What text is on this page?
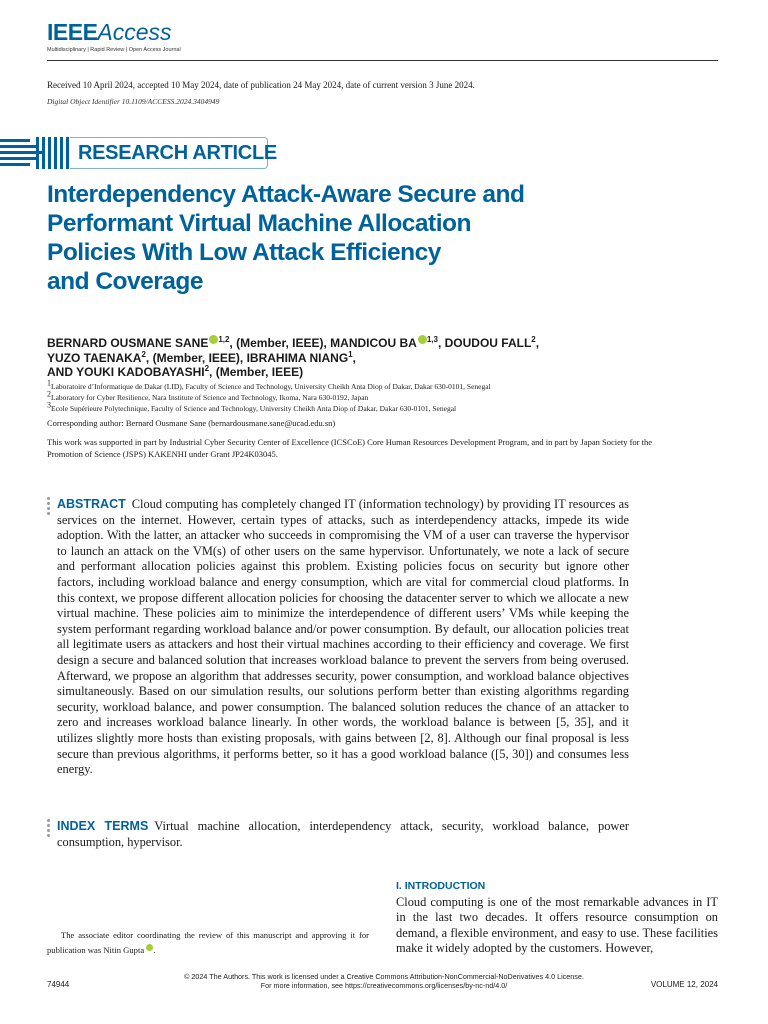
IEEEAccess
Multidisciplinary | Rapid Review | Open Access Journal
Received 10 April 2024, accepted 10 May 2024, date of publication 24 May 2024, date of current version 3 June 2024.
Digital Object Identifier 10.1109/ACCESS.2024.3404949
RESEARCH ARTICLE
Interdependency Attack-Aware Secure and
Performant Virtual Machine Allocation
Policies With Low Attack Efficiency
and Coverage
BERNARD OUSMANE SANE $^{1,2}$, (Member, IEEE), MANDICOU BA $^{1,3}$, DOUDOU FALL$^2$,
YUZO TAENAKA$^2$, (Member, IEEE), IBRAHIMA NIANG$^1$,
AND YOUKI KADOBAYASHI$^2$, (Member, IEEE)
$^1$Laboratoire d’Informatique de Dakar (LID), Faculty of Science and Technology, University Cheikh Anta Diop of Dakar, Dakar 630-0101, Senegal
$^2$Laboratory for Cyber Resilience, Nara Institute of Science and Technology, Ikoma, Nara 630-0192, Japan
$^3$Ecole Supérieure Polytechnique, Faculty of Science and Technology, University Cheikh Anta Diop of Dakar, Dakar 630-0101, Senegal
Corresponding author: Bernard Ousmane Sane (bernardousmane.sane@ucad.edu.sn)
This work was supported in part by Industrial Cyber Security Center of Excellence (ICSCoE) Core Human Resources Development Program, and in part by Japan Society for the Promotion of Science (JSPS) KAKENHI under Grant JP24K03045.
ABSTRACT Cloud computing has completely changed IT (information technology) by providing IT resources as services on the internet. However, certain types of attacks, such as interdependency attacks, impede its wide adoption. With the latter, an attacker who succeeds in compromising the VM of a user can traverse the hypervisor to launch an attack on the VM(s) of other users on the same hypervisor. Unfortunately, we note a lack of secure and performant allocation policies against this problem. Existing policies focus on security but ignore other factors, including workload balance and energy consumption, which are vital for commercial cloud platforms. In this context, we propose different allocation policies for choosing the datacenter server to which we allocate a new virtual machine. These policies aim to minimize the interdependence of different users’ VMs while keeping the system performant regarding workload balance and/or power consumption. By default, our allocation policies treat all legitimate users as attackers and host their virtual machines according to their efficiency and coverage. We first design a secure and balanced solution that increases workload balance to prevent the servers from being overused. Afterward, we propose an algorithm that addresses security, power consumption, and workload balance objectives simultaneously. Based on our simulation results, our solutions perform better than existing algorithms regarding security, workload balance, and power consumption. The balanced solution reduces the chance of an attacker to zero and increases workload balance linearly. In other words, the workload balance is between [5, 35], and it utilizes slightly more hosts than existing proposals, with gains between [2, 8]. Although our final proposal is less secure than previous algorithms, it performs better, so it has a good workload balance ([5, 30]) and consumes less energy.
INDEX TERMS Virtual machine allocation, interdependency attack, security, workload balance, power consumption, hypervisor.
The associate editor coordinating the review of this manuscript and approving it for publication was Nitin Gupta .
I. INTRODUCTION
Cloud computing is one of the most remarkable advances in IT in the last two decades. It offers resource consumption on demand, a flexible environment, and easy to use. These facilities make it widely adopted by the customers. However,
74944
© 2024 The Authors. This work is licensed under a Creative Commons Attribution-NonCommercial-NoDerivatives 4.0 License.
For more information, see https://creativecommons.org/licenses/by-nc-nd/4.0/	VOLUME 12, 2024
